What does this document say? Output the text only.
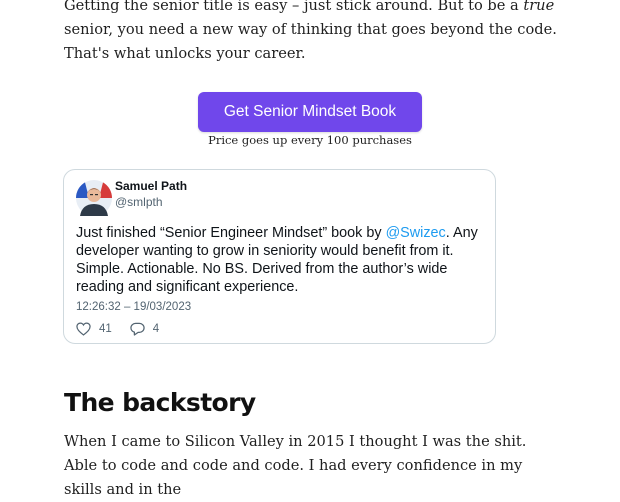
Getting the senior title is easy – just stick around. But to be a true senior, you need a new way of thinking that goes beyond the code. That's what unlocks your career.

Get Senior Mindset Book
Price goes up every 100 purchases
Samuel Path
@smlpth

Just finished “Senior Engineer Mindset” book by @Swizec. Any developer wanting to grow in seniority would benefit from it. Simple. Actionable. No BS. Derived from the author’s wide reading and significant experience.

12:26:32 – 19/03/2023
41	4
The backstory

When I came to Silicon Valley in 2015 I thought I was the shit. Able to code and code and code. I had every confidence in my skills and in the
